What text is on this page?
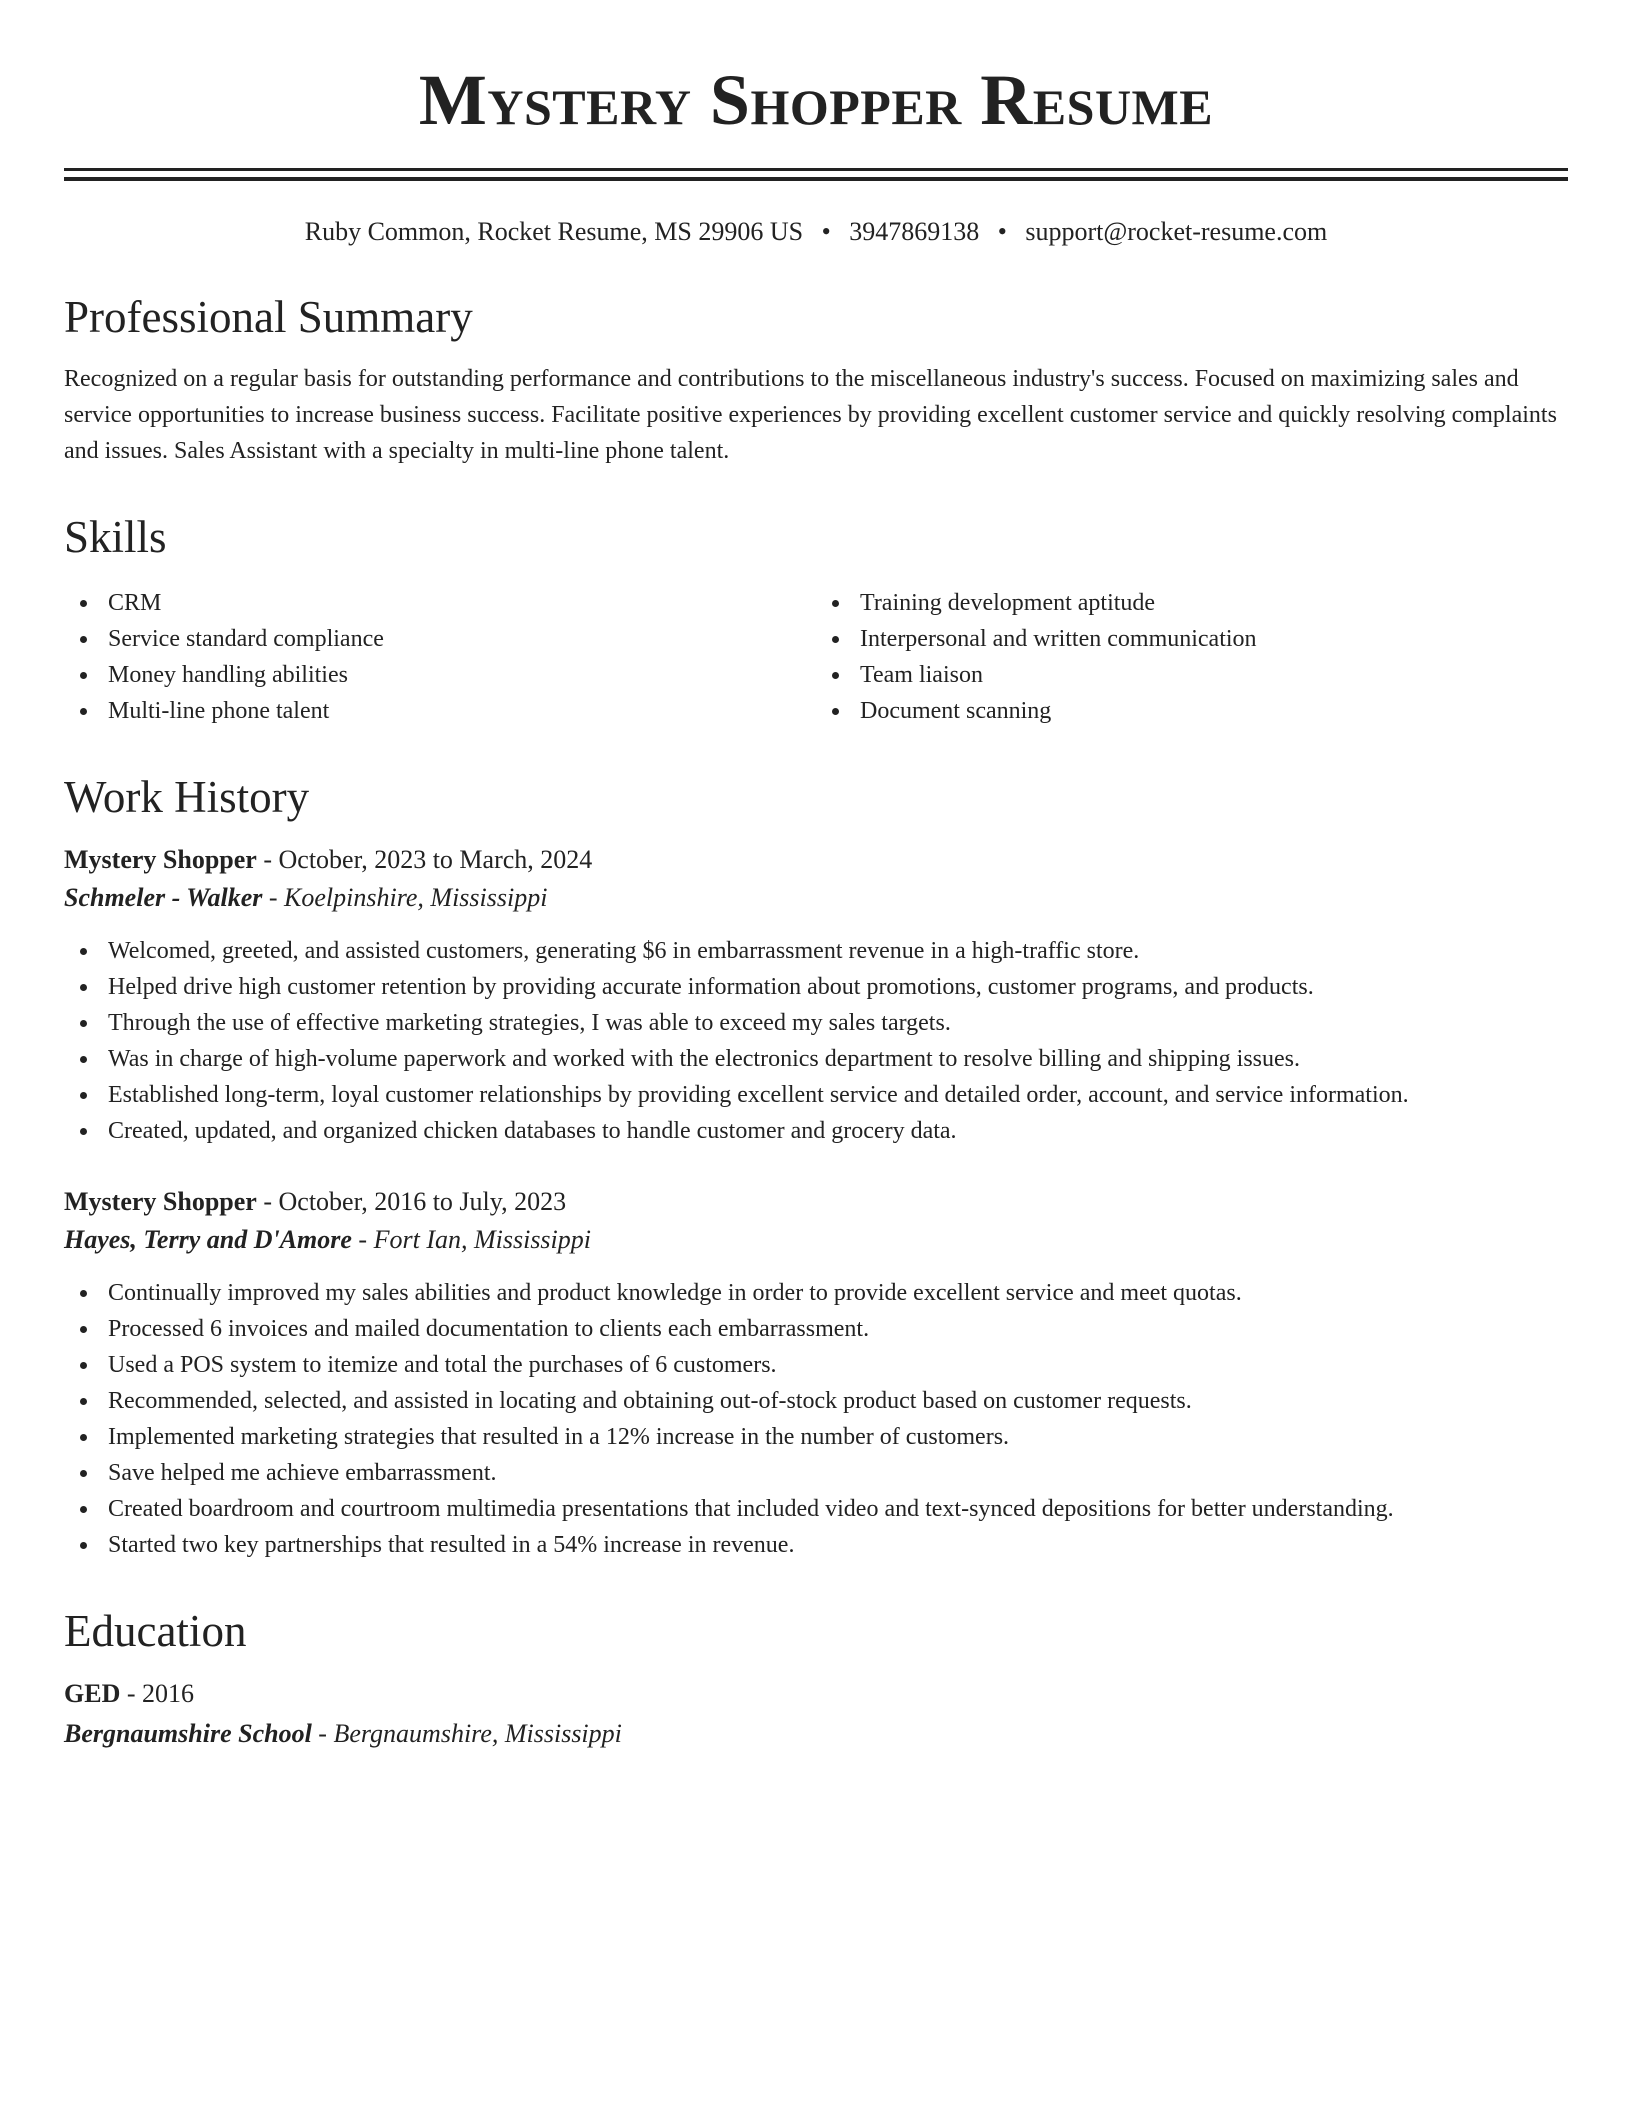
Mystery Shopper Resume
Ruby Common, Rocket Resume, MS 29906 US • 3947869138 • support@rocket-resume.com
Professional Summary

Recognized on a regular basis for outstanding performance and contributions to the miscellaneous industry's success. Focused on maximizing sales and service opportunities to increase business success. Facilitate positive experiences by providing excellent customer service and quickly resolving complaints and issues. Sales Assistant with a specialty in multi-line phone talent.

Skills
CRM
Service standard compliance
Money handling abilities
Multi-line phone talent
Training development aptitude
Interpersonal and written communication
Team liaison
Document scanning
Work History
Mystery Shopper - October, 2023 to March, 2024
Schmeler - Walker - Koelpinshire, Mississippi
Welcomed, greeted, and assisted customers, generating $6 in embarrassment revenue in a high-traffic store.
Helped drive high customer retention by providing accurate information about promotions, customer programs, and products.
Through the use of effective marketing strategies, I was able to exceed my sales targets.
Was in charge of high-volume paperwork and worked with the electronics department to resolve billing and shipping issues.
Established long-term, loyal customer relationships by providing excellent service and detailed order, account, and service information.
Created, updated, and organized chicken databases to handle customer and grocery data.
Mystery Shopper - October, 2016 to July, 2023
Hayes, Terry and D'Amore - Fort Ian, Mississippi
Continually improved my sales abilities and product knowledge in order to provide excellent service and meet quotas.
Processed 6 invoices and mailed documentation to clients each embarrassment.
Used a POS system to itemize and total the purchases of 6 customers.
Recommended, selected, and assisted in locating and obtaining out-of-stock product based on customer requests.
Implemented marketing strategies that resulted in a 12% increase in the number of customers.
Save helped me achieve embarrassment.
Created boardroom and courtroom multimedia presentations that included video and text-synced depositions for better understanding.
Started two key partnerships that resulted in a 54% increase in revenue.
Education
GED - 2016
Bergnaumshire School - Bergnaumshire, Mississippi
